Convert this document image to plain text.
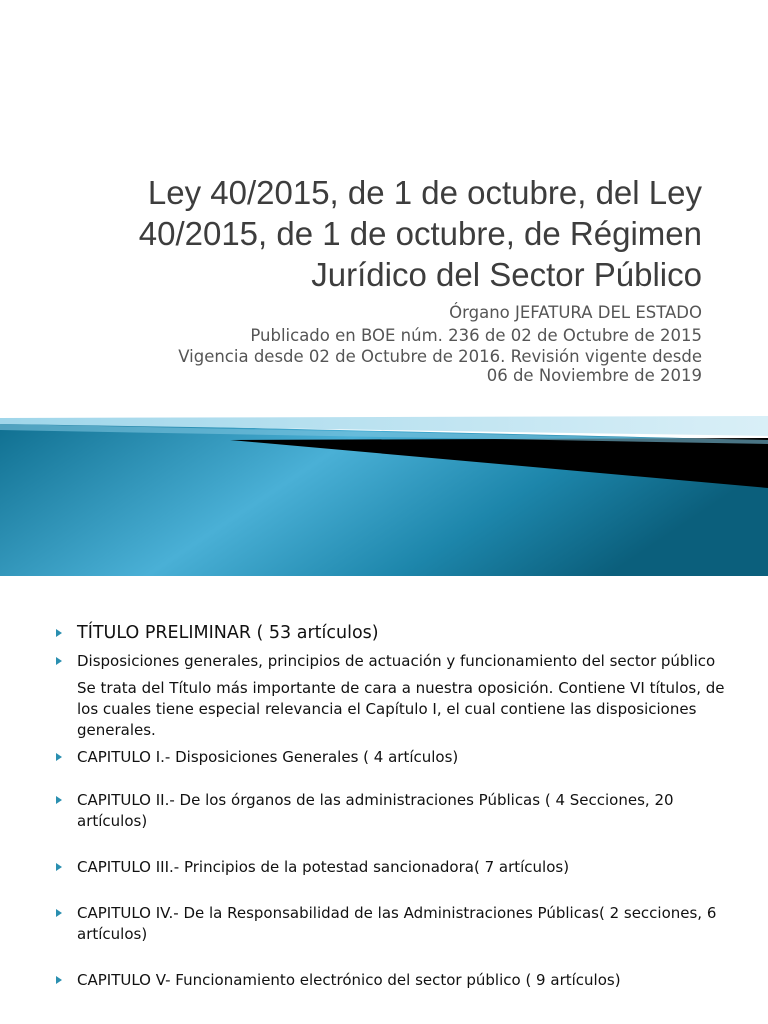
Ley 40/2015, de 1 de octubre, del Ley 40/2015, de 1 de octubre, de Régimen Jurídico del Sector Público
Órgano JEFATURA DEL ESTADO
Publicado en BOE núm. 236 de 02 de Octubre de 2015
Vigencia desde 02 de Octubre de 2016. Revisión vigente desde
06 de Noviembre de 2019
TÍTULO PRELIMINAR ( 53 artículos)
Disposiciones generales, principios de actuación y funcionamiento del sector público
Se trata del Título más importante de cara a nuestra oposición. Contiene VI títulos, de los cuales tiene especial relevancia el Capítulo I, el cual contiene las disposiciones generales.
CAPITULO I.- Disposiciones Generales ( 4 artículos)
CAPITULO II.- De los órganos de las administraciones Públicas ( 4 Secciones, 20 artículos)
CAPITULO III.- Principios de la potestad sancionadora( 7 artículos)
CAPITULO IV.- De la Responsabilidad de las Administraciones Públicas( 2 secciones, 6 artículos)
CAPITULO V- Funcionamiento electrónico del sector público ( 9 artículos)
